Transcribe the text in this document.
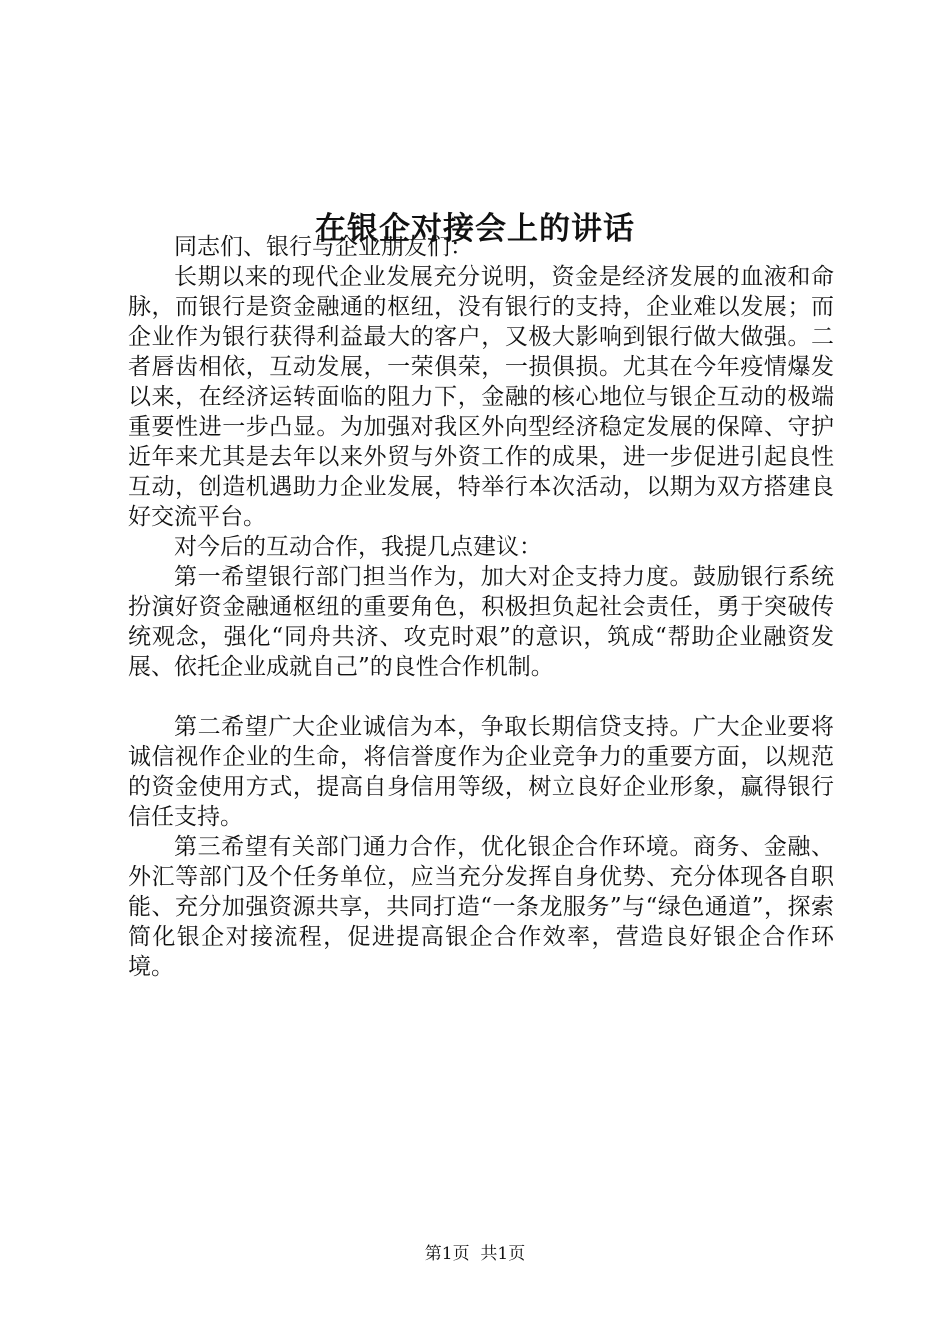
在银企对接会上的讲话

同志们、银行与企业朋友们：

长期以来的现代企业发展充分说明，资金是经济发展的血液和命脉，而银行是资金融通的枢纽，没有银行的支持，企业难以发展；而企业作为银行获得利益最大的客户，又极大影响到银行做大做强。二者唇齿相依，互动发展，一荣俱荣，一损俱损。尤其在今年疫情爆发以来，在经济运转面临的阻力下，金融的核心地位与银企互动的极端重要性进一步凸显。为加强对我区外向型经济稳定发展的保障、守护近年来尤其是去年以来外贸与外资工作的成果，进一步促进引起良性互动，创造机遇助力企业发展，特举行本次活动，以期为双方搭建良好交流平台。

对今后的互动合作，我提几点建议：

第一希望银行部门担当作为，加大对企支持力度。鼓励银行系统扮演好资金融通枢纽的重要角色，积极担负起社会责任，勇于突破传统观念，强化“同舟共济、攻克时艰”的意识，筑成“帮助企业融资发展、依托企业成就自己”的良性合作机制。

第二希望广大企业诚信为本，争取长期信贷支持。广大企业要将诚信视作企业的生命，将信誉度作为企业竞争力的重要方面，以规范的资金使用方式，提高自身信用等级，树立良好企业形象，赢得银行信任支持。

第三希望有关部门通力合作，优化银企合作环境。商务、金融、外汇等部门及个任务单位，应当充分发挥自身优势、充分体现各自职能、充分加强资源共享，共同打造“一条龙服务”与“绿色通道”，探索简化银企对接流程，促进提高银企合作效率，营造良好银企合作环境。

第1页 共1页
